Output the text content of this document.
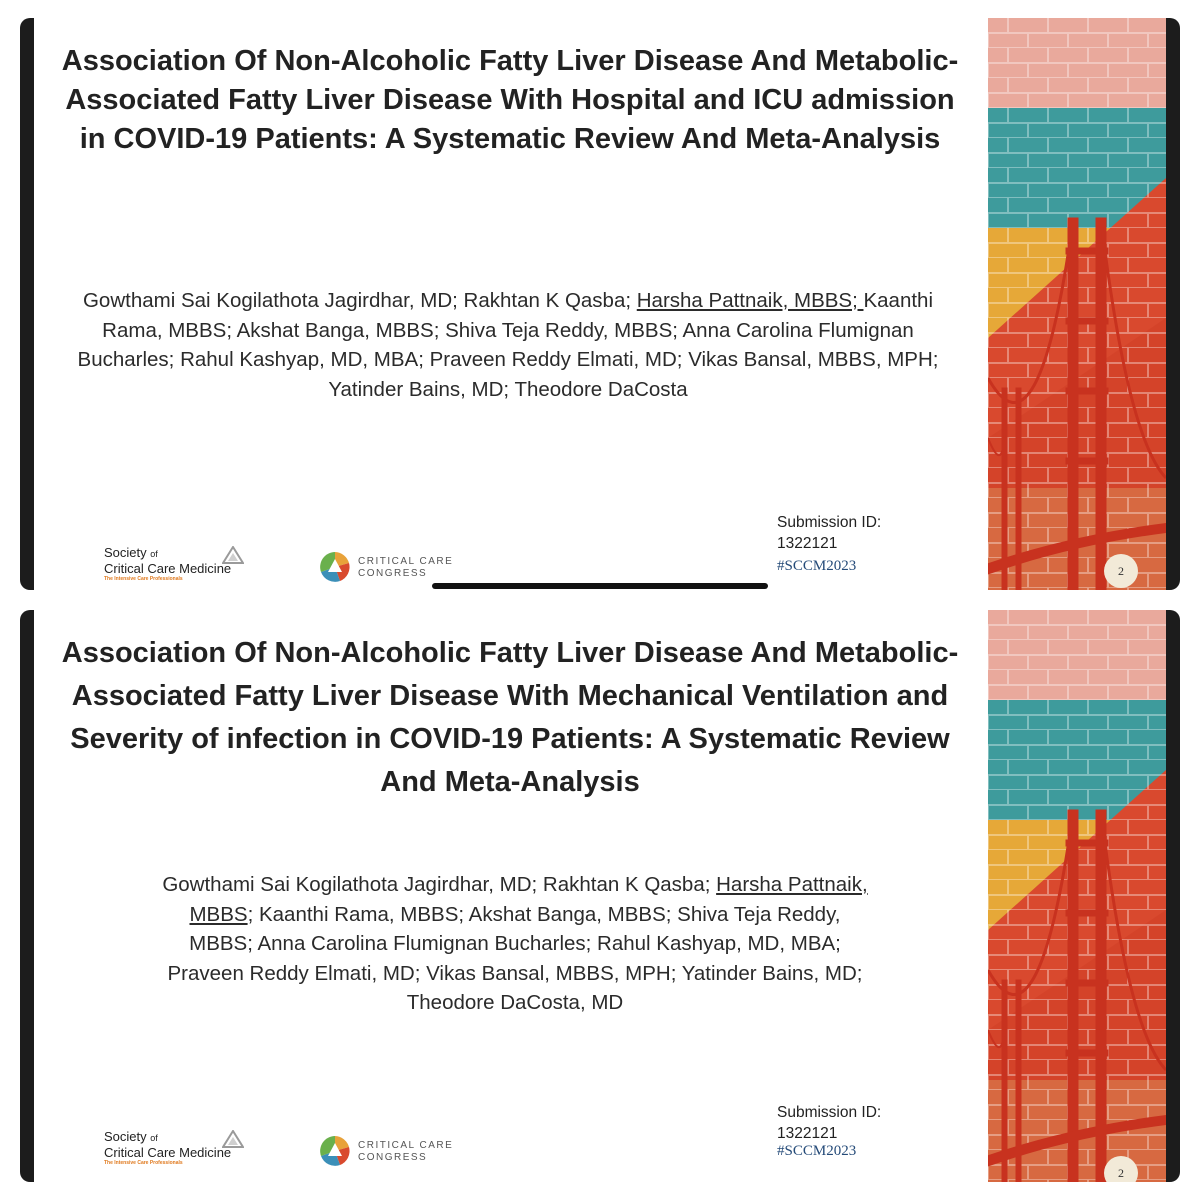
Association Of Non-Alcoholic Fatty Liver Disease And Metabolic-Associated Fatty Liver Disease With Hospital and ICU admission in COVID-19 Patients: A Systematic Review And Meta-Analysis

Gowthami Sai Kogilathota Jagirdhar, MD; Rakhtan K Qasba; Harsha Pattnaik, MBBS; Kaanthi Rama, MBBS; Akshat Banga, MBBS; Shiva Teja Reddy, MBBS; Anna Carolina Flumignan Bucharles; Rahul Kashyap, MD, MBA; Praveen Reddy Elmati, MD; Vikas Bansal, MBBS, MPH; Yatinder Bains, MD; Theodore DaCosta

Submission ID:
1322121
#SCCM2023
Society of
Critical Care Medicine
The Intensive Care Professionals
CRITICAL CARE
CONGRESS	2
Association Of Non-Alcoholic Fatty Liver Disease And Metabolic-Associated Fatty Liver Disease With Mechanical Ventilation and Severity of infection in COVID-19 Patients: A Systematic Review And Meta-Analysis

Gowthami Sai Kogilathota Jagirdhar, MD; Rakhtan K Qasba; Harsha Pattnaik, MBBS; Kaanthi Rama, MBBS; Akshat Banga, MBBS; Shiva Teja Reddy, MBBS; Anna Carolina Flumignan Bucharles; Rahul Kashyap, MD, MBA; Praveen Reddy Elmati, MD; Vikas Bansal, MBBS, MPH; Yatinder Bains, MD; Theodore DaCosta, MD

Submission ID:
1322121
#SCCM2023
Society of
Critical Care Medicine
The Intensive Care Professionals
CRITICAL CARE
CONGRESS
2
